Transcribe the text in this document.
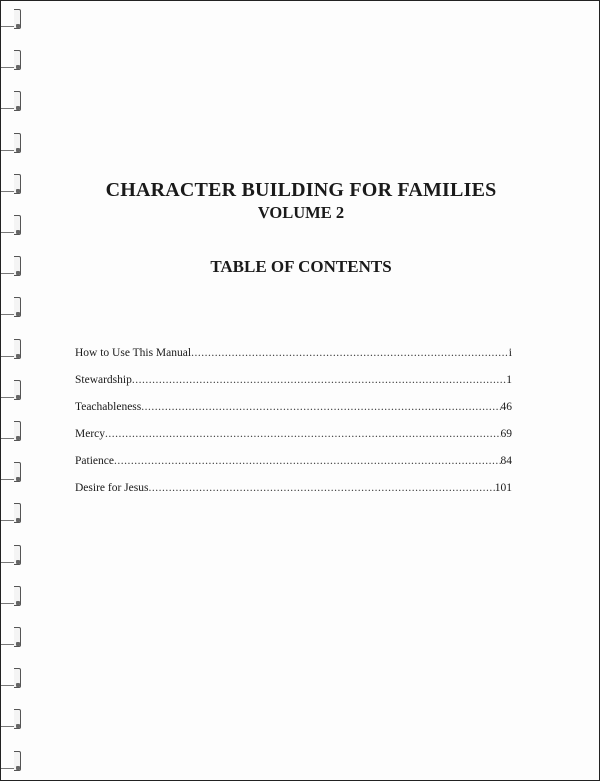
CHARACTER BUILDING FOR FAMILIES
VOLUME 2
TABLE OF CONTENTS
How to Use This Manual .....	i
Stewardship .....	1
Teachableness .....	46
Mercy .....	69
Patience .....	84
Desire for Jesus .....	101
